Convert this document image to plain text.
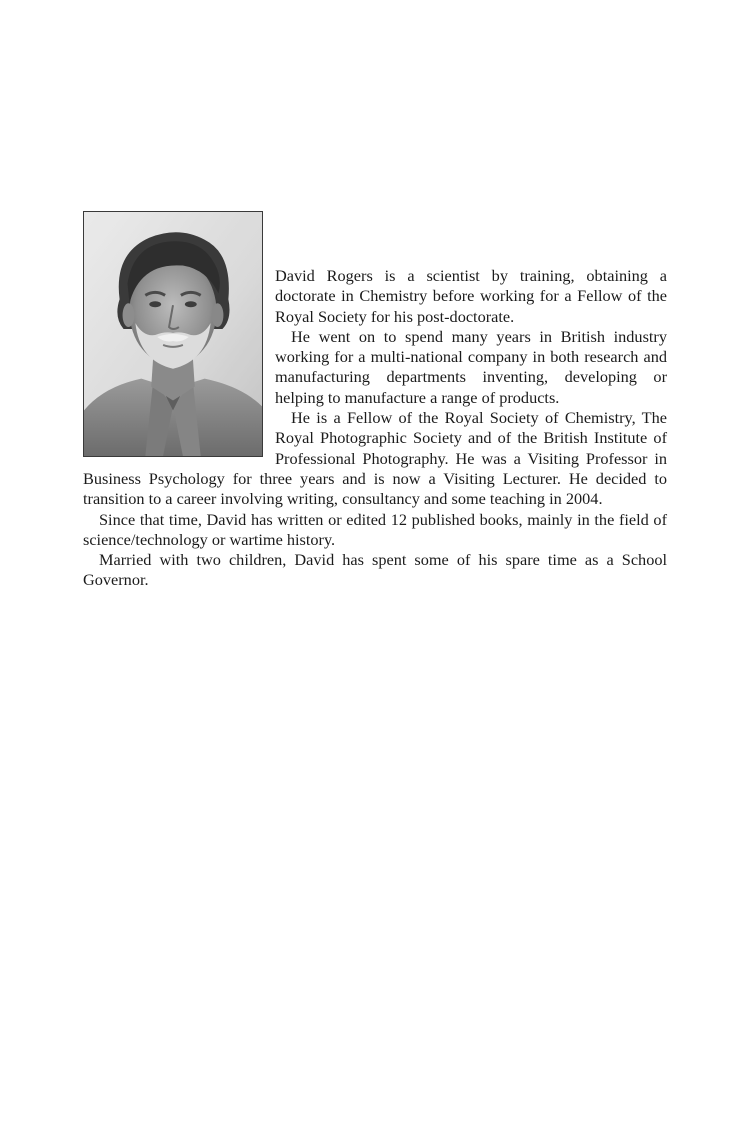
David Rogers is a scientist by training, obtaining a doctorate in Chemistry before working for a Fellow of the Royal Society for his post-doctorate.

He went on to spend many years in British industry working for a multi-national company in both research and manufacturing departments inventing, developing or helping to manufacture a range of products.

He is a Fellow of the Royal Society of Chemistry, The Royal Photographic Society and of the British Institute of Professional Photography. He was a Visiting Professor in Business Psychology for three years and is now a Visiting Lecturer. He decided to transition to a career involving writing, consultancy and some teaching in 2004.

Since that time, David has written or edited 12 published books, mainly in the field of science/technology or wartime history.

Married with two children, David has spent some of his spare time as a School Governor.
